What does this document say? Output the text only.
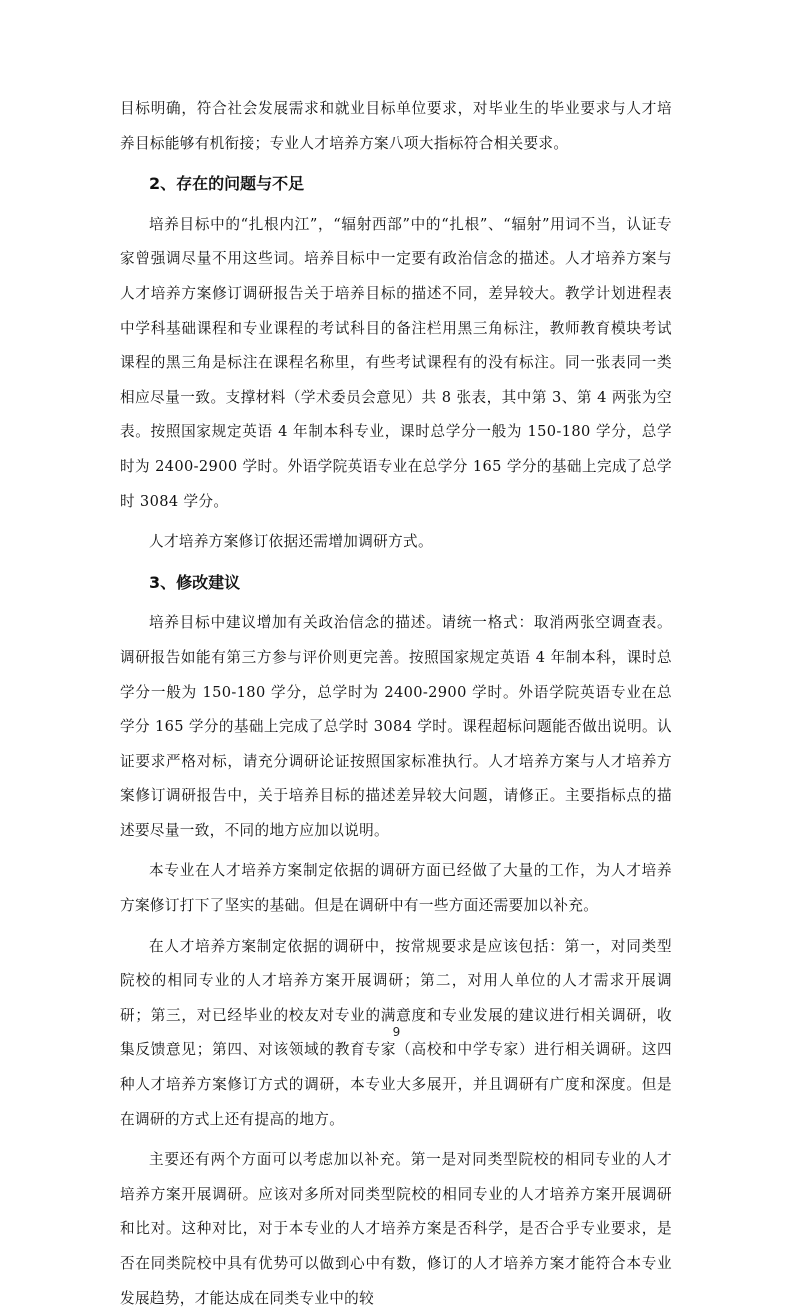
目标明确，符合社会发展需求和就业目标单位要求，对毕业生的毕业要求与人才培养目标能够有机衔接；专业人才培养方案八项大指标符合相关要求。

2、存在的问题与不足

培养目标中的“扎根内江”，“辐射西部”中的“扎根”、“辐射”用词不当，认证专家曾强调尽量不用这些词。培养目标中一定要有政治信念的描述。人才培养方案与人才培养方案修订调研报告关于培养目标的描述不同，差异较大。教学计划进程表中学科基础课程和专业课程的考试科目的备注栏用黑三角标注，教师教育模块考试课程的黑三角是标注在课程名称里，有些考试课程有的没有标注。同一张表同一类相应尽量一致。支撑材料（学术委员会意见）共 8 张表，其中第 3、第 4 两张为空表。按照国家规定英语 4 年制本科专业，课时总学分一般为 150-180 学分，总学时为 2400-2900 学时。外语学院英语专业在总学分 165 学分的基础上完成了总学时 3084 学分。

人才培养方案修订依据还需增加调研方式。

3、修改建议

培养目标中建议增加有关政治信念的描述。请统一格式：取消两张空调查表。调研报告如能有第三方参与评价则更完善。按照国家规定英语 4 年制本科，课时总学分一般为 150-180 学分，总学时为 2400-2900 学时。外语学院英语专业在总学分 165 学分的基础上完成了总学时 3084 学时。课程超标问题能否做出说明。认证要求严格对标，请充分调研论证按照国家标准执行。人才培养方案与人才培养方案修订调研报告中，关于培养目标的描述差异较大问题，请修正。主要指标点的描述要尽量一致，不同的地方应加以说明。

本专业在人才培养方案制定依据的调研方面已经做了大量的工作，为人才培养方案修订打下了坚实的基础。但是在调研中有一些方面还需要加以补充。

在人才培养方案制定依据的调研中，按常规要求是应该包括：第一，对同类型院校的相同专业的人才培养方案开展调研；第二，对用人单位的人才需求开展调研；第三，对已经毕业的校友对专业的满意度和专业发展的建议进行相关调研，收集反馈意见；第四、对该领域的教育专家（高校和中学专家）进行相关调研。这四种人才培养方案修订方式的调研，本专业大多展开，并且调研有广度和深度。但是在调研的方式上还有提高的地方。

主要还有两个方面可以考虑加以补充。第一是对同类型院校的相同专业的人才培养方案开展调研。应该对多所对同类型院校的相同专业的人才培养方案开展调研和比对。这种对比，对于本专业的人才培养方案是否科学，是否合乎专业要求，是否在同类院校中具有优势可以做到心中有数，修订的人才培养方案才能符合本专业发展趋势，才能达成在同类专业中的较

9
